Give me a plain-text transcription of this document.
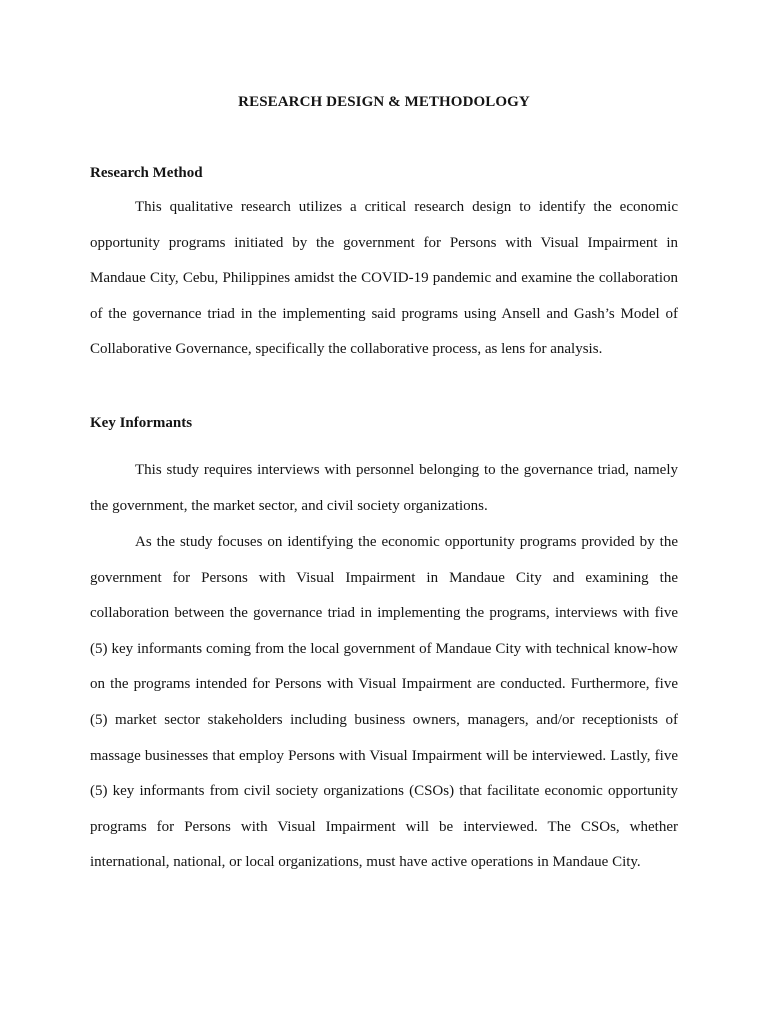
RESEARCH DESIGN & METHODOLOGY
Research Method

This qualitative research utilizes a critical research design to identify the economic opportunity programs initiated by the government for Persons with Visual Impairment in Mandaue City, Cebu, Philippines amidst the COVID-19 pandemic and examine the collaboration of the governance triad in the implementing said programs using Ansell and Gash’s Model of Collaborative Governance, specifically the collaborative process, as lens for analysis.

Key Informants

This study requires interviews with personnel belonging to the governance triad, namely the government, the market sector, and civil society organizations.

As the study focuses on identifying the economic opportunity programs provided by the government for Persons with Visual Impairment in Mandaue City and examining the collaboration between the governance triad in implementing the programs, interviews with five (5) key informants coming from the local government of Mandaue City with technical know-how on the programs intended for Persons with Visual Impairment are conducted. Furthermore, five (5) market sector stakeholders including business owners, managers, and/or receptionists of massage businesses that employ Persons with Visual Impairment will be interviewed. Lastly, five (5) key informants from civil society organizations (CSOs) that facilitate economic opportunity programs for Persons with Visual Impairment will be interviewed. The CSOs, whether international, national, or local organizations, must have active operations in Mandaue City.
